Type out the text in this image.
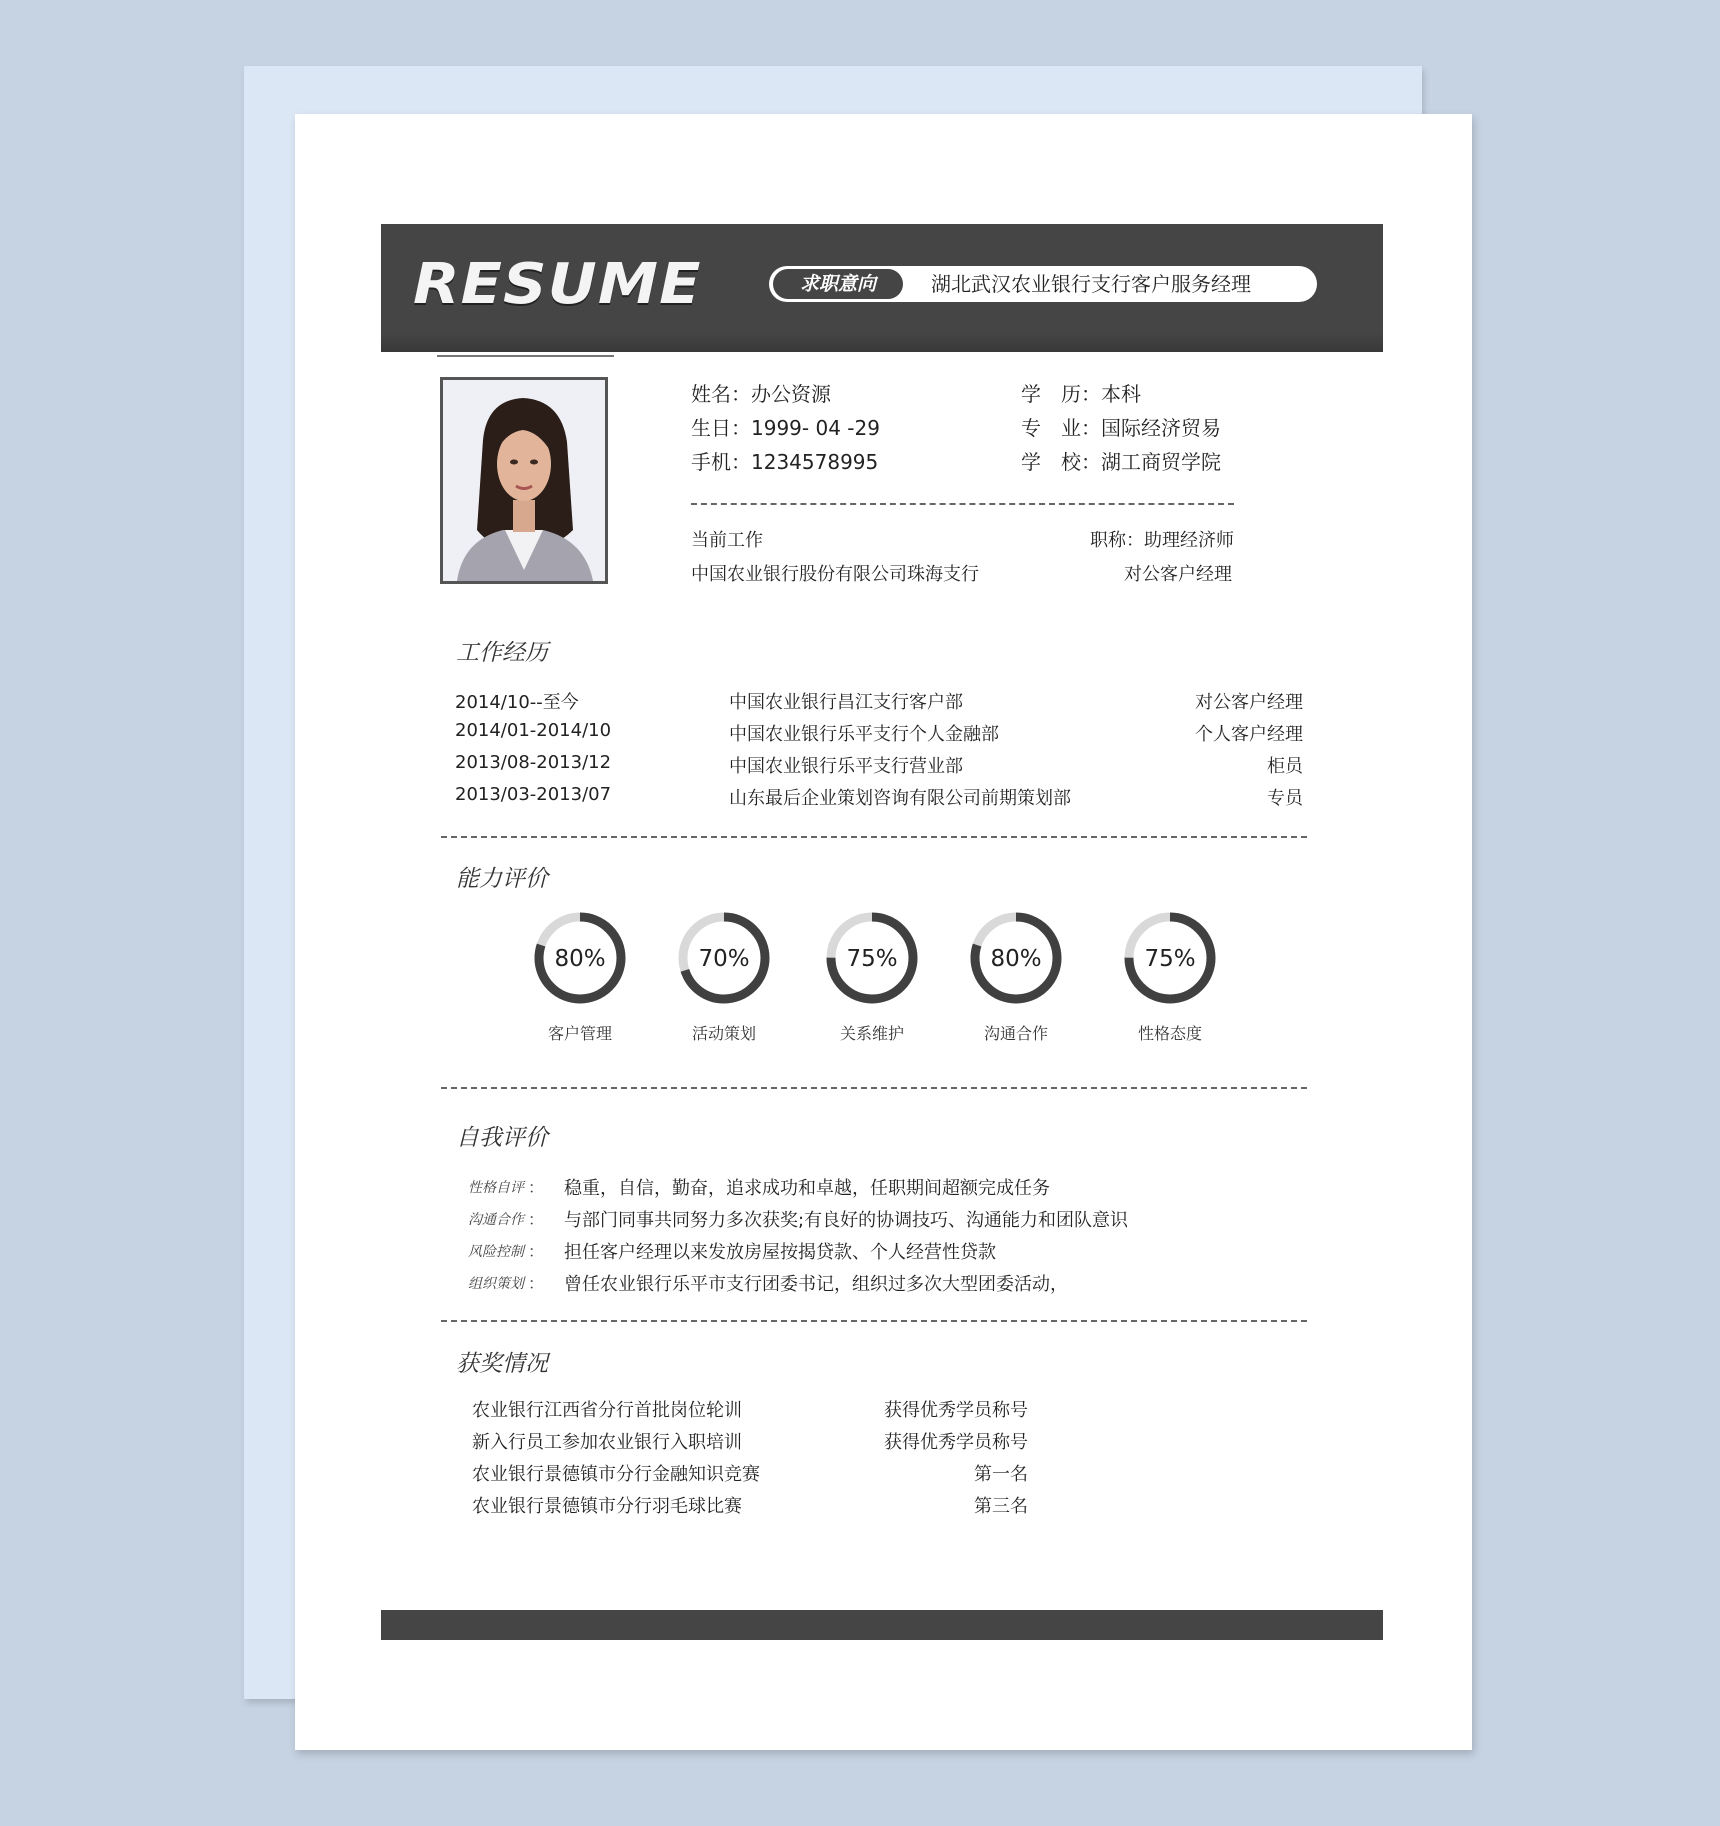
RESUME	求职意向	湖北武汉农业银行支行客户服务经理
姓名：办公资源
生日：1999- 04 -29
手机：1234578995
学　历：本科
专　业：国际经济贸易
学　校：湖工商贸学院
当前工作	职称：助理经济师
中国农业银行股份有限公司珠海支行	对公客户经理
工作经历
2014/10--至今	中国农业银行昌江支行客户部	对公客户经理
2014/01-2014/10	中国农业银行乐平支行个人金融部	个人客户经理
2013/08-2013/12	中国农业银行乐平支行营业部	柜员
2013/03-2013/07	山东最后企业策划咨询有限公司前期策划部	专员
能力评价
80%
客户管理
70%
活动策划
75%
关系维护
80%
沟通合作
75%
性格态度
自我评价
性格自评 ： 稳重，自信，勤奋，追求成功和卓越，任职期间超额完成任务
沟通合作 ： 与部门同事共同努力多次获奖;有良好的协调技巧、沟通能力和团队意识
风险控制 ： 担任客户经理以来发放房屋按揭贷款、个人经营性贷款
组织策划 ： 曾任农业银行乐平市支行团委书记，组织过多次大型团委活动，
获奖情况
农业银行江西省分行首批岗位轮训	获得优秀学员称号
新入行员工参加农业银行入职培训	获得优秀学员称号
农业银行景德镇市分行金融知识竞赛	第一名
农业银行景德镇市分行羽毛球比赛	第三名
